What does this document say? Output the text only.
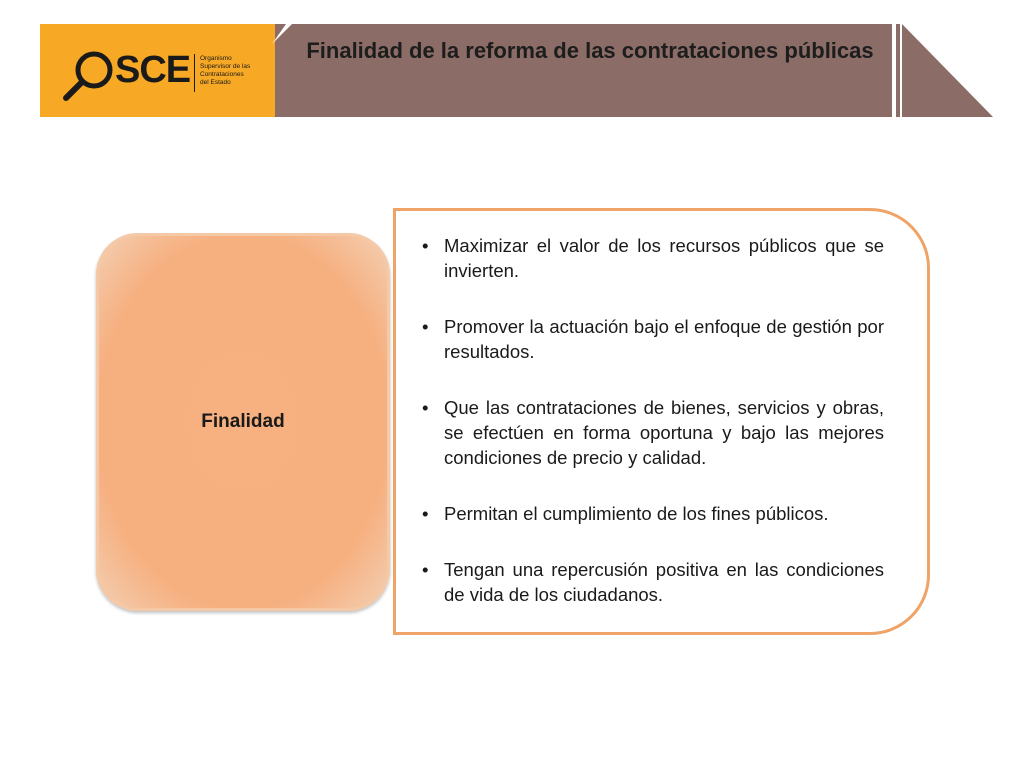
SCE Organismo
Supervisor de las
Contrataciones
del Estado
Finalidad de la reforma de las contrataciones públicas
Finalidad
• Maximizar el valor de los recursos públicos que se invierten.
• Promover la actuación bajo el enfoque de gestión por resultados.
• Que las contrataciones de bienes, servicios y obras, se efectúen en forma oportuna y bajo las mejores condiciones de precio y calidad.
• Permitan el cumplimiento de los fines públicos.
• Tengan una repercusión positiva en las condiciones de vida de los ciudadanos.
